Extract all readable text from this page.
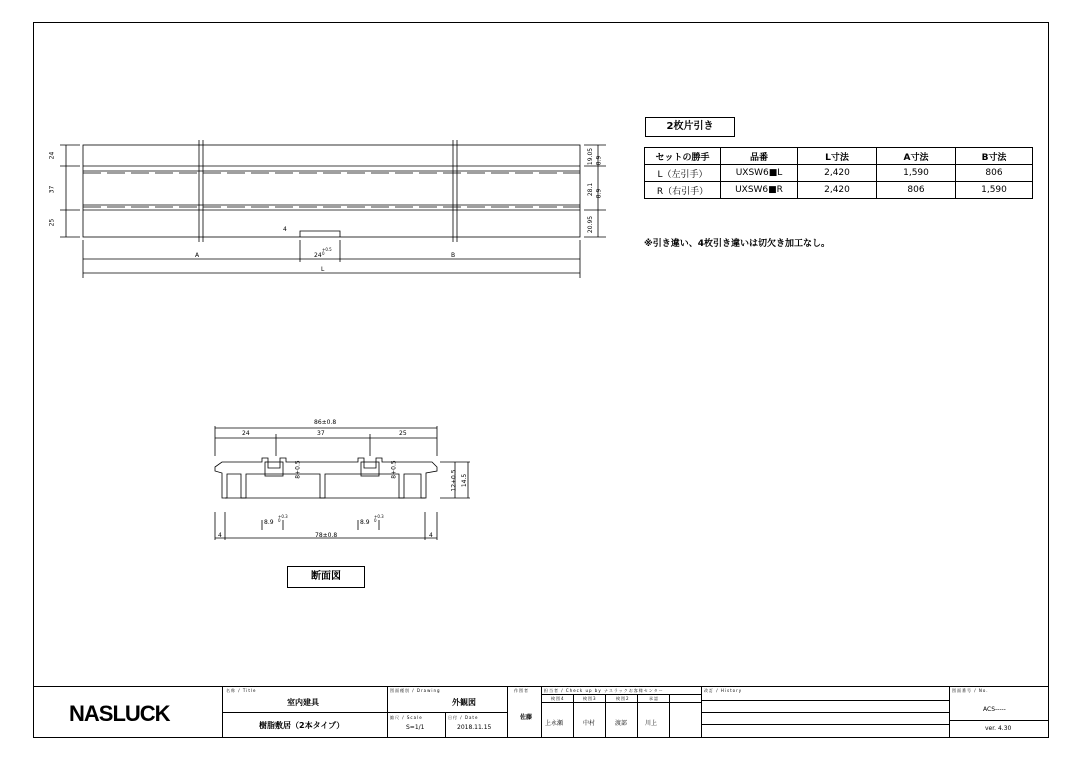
24
37
25
19.05 8.9
28.1 8.9
20.95
4
24
+0.5
0
A	B
L
86±0.8
24	37	25
8+0.5	8+0.5	12+0.5 14.5
8.9
+0.3
0	8.9
+0.3
0
78±0.8
4	4
断面図
2枚片引き
セットの勝手	品番	L寸法	A寸法	B寸法
L（左引手）	UXSW6■L	2,420	1,590	806
R（右引手）	UXSW6■R	2,420	806	1,590
※引き違い、4枚引き違いは切欠き加工なし。
NASLUCK
名称 / Title
室内建具
樹脂敷居（2本タイプ）
図面種別 / Drawing
外観図
縮尺 / Scale
S=1/1
日付 / Date
2018.11.15
作図者
佐藤
担当者 / Check up by ナスラックお客様センター
検図4	検図3	検図2	承認
上永瀬	中村	渡部	川上
改訂 / History	図面番号 / No.
ACS-----
ver. 4.30
